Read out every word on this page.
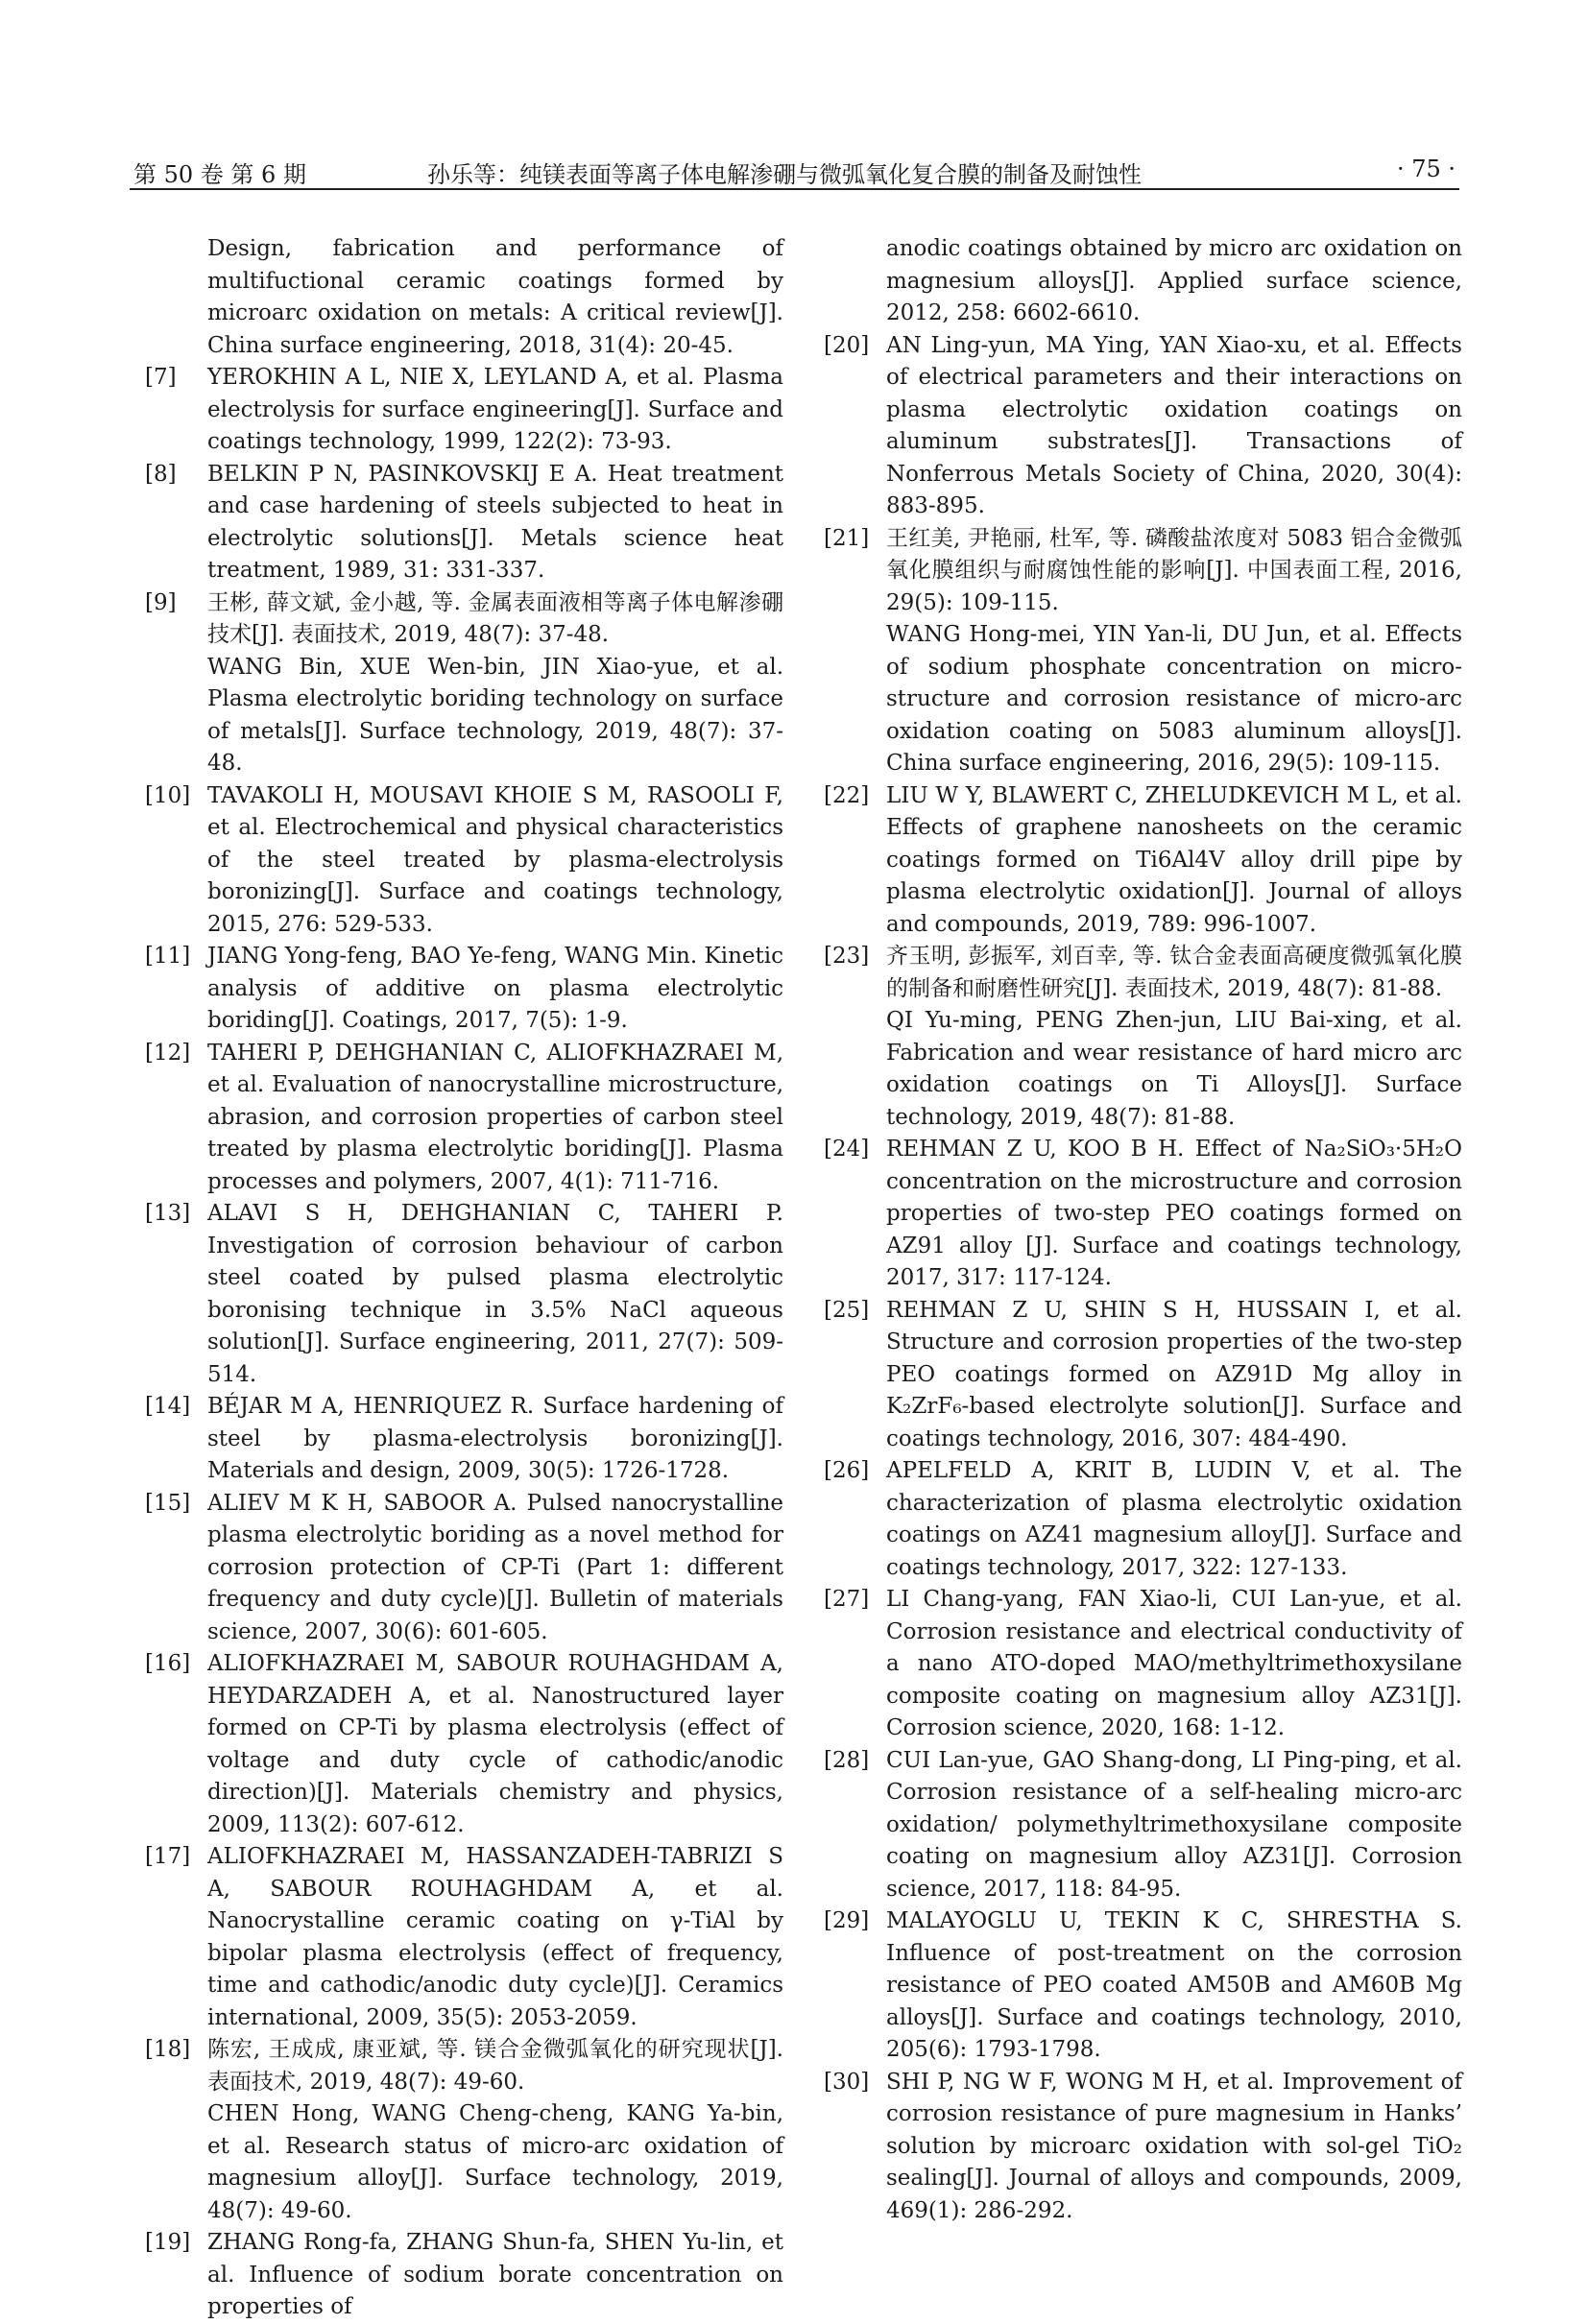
第 50 卷 第 6 期	孙乐等：纯镁表面等离子体电解渗硼与微弧氧化复合膜的制备及耐蚀性	· 75 ·

Design, fabrication and performance of multifuctional ceramic coatings formed by microarc oxidation on metals: A critical review[J]. China surface engineering, 2018, 31(4): 20-45.

[7] YEROKHIN A L, NIE X, LEYLAND A, et al. Plasma electrolysis for surface engineering[J]. Surface and coatings technology, 1999, 122(2): 73-93.

[8] BELKIN P N, PASINKOVSKIJ E A. Heat treatment and case hardening of steels subjected to heat in electrolytic solutions[J]. Metals science heat treatment, 1989, 31: 331-337.

[9] 王彬, 薛文斌, 金小越, 等. 金属表面液相等离子体电解渗硼技术[J]. 表面技术, 2019, 48(7): 37-48.

WANG Bin, XUE Wen-bin, JIN Xiao-yue, et al. Plasma electrolytic boriding technology on surface of metals[J]. Surface technology, 2019, 48(7): 37-48.

[10] TAVAKOLI H, MOUSAVI KHOIE S M, RASOOLI F, et al. Electrochemical and physical characteristics of the steel treated by plasma-electrolysis boronizing[J]. Surface and coatings technology, 2015, 276: 529-533.

[11] JIANG Yong-feng, BAO Ye-feng, WANG Min. Kinetic analysis of additive on plasma electrolytic boriding[J]. Coatings, 2017, 7(5): 1-9.

[12] TAHERI P, DEHGHANIAN C, ALIOFKHAZRAEI M, et al. Evaluation of nanocrystalline microstructure, abrasion, and corrosion properties of carbon steel treated by plasma electrolytic boriding[J]. Plasma processes and polymers, 2007, 4(1): 711-716.

[13] ALAVI S H, DEHGHANIAN C, TAHERI P. Investigation of corrosion behaviour of carbon steel coated by pulsed plasma electrolytic boronising technique in 3.5% NaCl aqueous solution[J]. Surface engineering, 2011, 27(7): 509-514.

[14] BÉJAR M A, HENRIQUEZ R. Surface hardening of steel by plasma-electrolysis boronizing[J]. Materials and design, 2009, 30(5): 1726-1728.

[15] ALIEV M K H, SABOOR A. Pulsed nanocrystalline plasma electrolytic boriding as a novel method for corrosion protection of CP-Ti (Part 1: different frequency and duty cycle)[J]. Bulletin of materials science, 2007, 30(6): 601-605.

[16] ALIOFKHAZRAEI M, SABOUR ROUHAGHDAM A, HEYDARZADEH A, et al. Nanostructured layer formed on CP-Ti by plasma electrolysis (effect of voltage and duty cycle of cathodic/anodic direction)[J]. Materials chemistry and physics, 2009, 113(2): 607-612.

[17] ALIOFKHAZRAEI M, HASSANZADEH-TABRIZI S A, SABOUR ROUHAGHDAM A, et al. Nanocrystalline ceramic coating on γ-TiAl by bipolar plasma electrolysis (effect of frequency, time and cathodic/anodic duty cycle)[J]. Ceramics international, 2009, 35(5): 2053-2059.

[18] 陈宏, 王成成, 康亚斌, 等. 镁合金微弧氧化的研究现状[J]. 表面技术, 2019, 48(7): 49-60.

CHEN Hong, WANG Cheng-cheng, KANG Ya-bin, et al. Research status of micro-arc oxidation of magnesium alloy[J]. Surface technology, 2019, 48(7): 49-60.

[19] ZHANG Rong-fa, ZHANG Shun-fa, SHEN Yu-lin, et al. Influence of sodium borate concentration on properties of

anodic coatings obtained by micro arc oxidation on magnesium alloys[J]. Applied surface science, 2012, 258: 6602-6610.

[20] AN Ling-yun, MA Ying, YAN Xiao-xu, et al. Effects of electrical parameters and their interactions on plasma electrolytic oxidation coatings on aluminum substrates[J]. Transactions of Nonferrous Metals Society of China, 2020, 30(4): 883-895.

[21] 王红美, 尹艳丽, 杜军, 等. 磷酸盐浓度对 5083 铝合金微弧氧化膜组织与耐腐蚀性能的影响[J]. 中国表面工程, 2016, 29(5): 109-115.

WANG Hong-mei, YIN Yan-li, DU Jun, et al. Effects of sodium phosphate concentration on micro-structure and corrosion resistance of micro-arc oxidation coating on 5083 aluminum alloys[J]. China surface engineering, 2016, 29(5): 109-115.

[22] LIU W Y, BLAWERT C, ZHELUDKEVICH M L, et al. Effects of graphene nanosheets on the ceramic coatings formed on Ti6Al4V alloy drill pipe by plasma electrolytic oxidation[J]. Journal of alloys and compounds, 2019, 789: 996-1007.

[23] 齐玉明, 彭振军, 刘百幸, 等. 钛合金表面高硬度微弧氧化膜的制备和耐磨性研究[J]. 表面技术, 2019, 48(7): 81-88.

QI Yu-ming, PENG Zhen-jun, LIU Bai-xing, et al. Fabrication and wear resistance of hard micro arc oxidation coatings on Ti Alloys[J]. Surface technology, 2019, 48(7): 81-88.

[24] REHMAN Z U, KOO B H. Effect of Na₂SiO₃·5H₂O concentration on the microstructure and corrosion properties of two-step PEO coatings formed on AZ91 alloy [J]. Surface and coatings technology, 2017, 317: 117-124.

[25] REHMAN Z U, SHIN S H, HUSSAIN I, et al. Structure and corrosion properties of the two-step PEO coatings formed on AZ91D Mg alloy in K₂ZrF₆-based electrolyte solution[J]. Surface and coatings technology, 2016, 307: 484-490.

[26] APELFELD A, KRIT B, LUDIN V, et al. The characterization of plasma electrolytic oxidation coatings on AZ41 magnesium alloy[J]. Surface and coatings technology, 2017, 322: 127-133.

[27] LI Chang-yang, FAN Xiao-li, CUI Lan-yue, et al. Corrosion resistance and electrical conductivity of a nano ATO-doped MAO/methyltrimethoxysilane composite coating on magnesium alloy AZ31[J]. Corrosion science, 2020, 168: 1-12.

[28] CUI Lan-yue, GAO Shang-dong, LI Ping-ping, et al. Corrosion resistance of a self-healing micro-arc oxidation/ polymethyltrimethoxysilane composite coating on magnesium alloy AZ31[J]. Corrosion science, 2017, 118: 84-95.

[29] MALAYOGLU U, TEKIN K C, SHRESTHA S. Influence of post-treatment on the corrosion resistance of PEO coated AM50B and AM60B Mg alloys[J]. Surface and coatings technology, 2010, 205(6): 1793-1798.

[30] SHI P, NG W F, WONG M H, et al. Improvement of corrosion resistance of pure magnesium in Hanks’ solution by microarc oxidation with sol-gel TiO₂ sealing[J]. Journal of alloys and compounds, 2009, 469(1): 286-292.
